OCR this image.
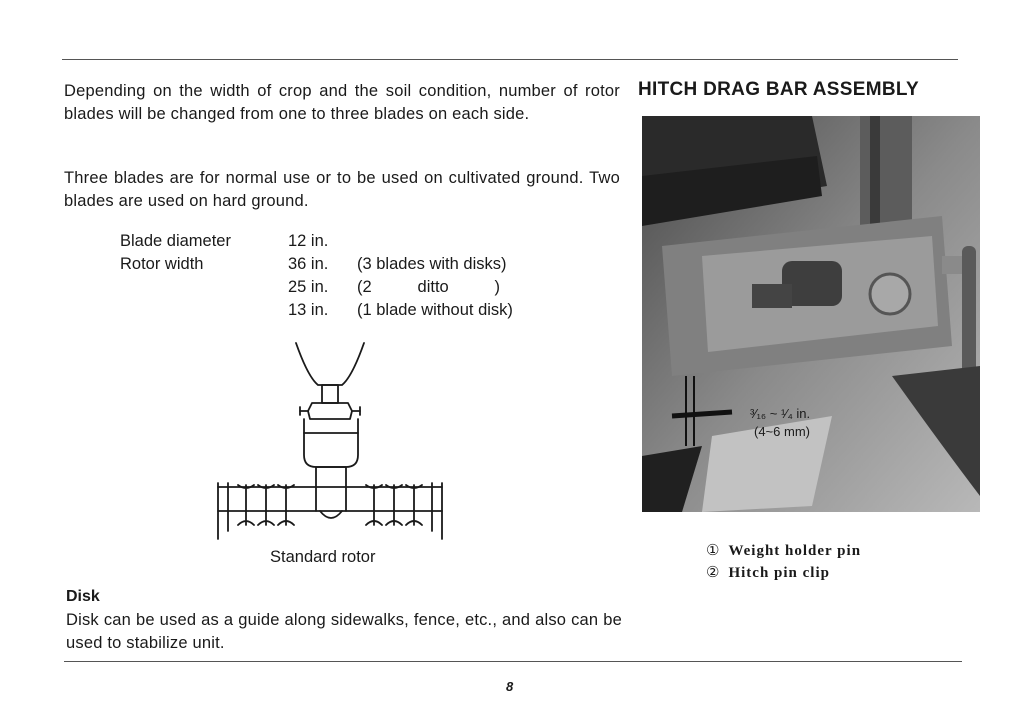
Depending on the width of crop and the soil condition, number of rotor blades will be changed from one to three blades on each side.

Three blades are for normal use or to be used on cultivated ground. Two blades are used on hard ground.

Blade diameter	12 in.
Rotor width	36 in. (3 blades with disks)
25 in. (2          ditto          )
13 in. (1 blade without disk)
Standard rotor
Disk

Disk can be used as a guide along sidewalks, fence, etc., and also can be used to stabilize unit.

HITCH DRAG BAR ASSEMBLY
³⁄₁₆ ~ ¹⁄₄ in.
(4~6 mm)
① Weight holder pin
② Hitch pin clip
8
